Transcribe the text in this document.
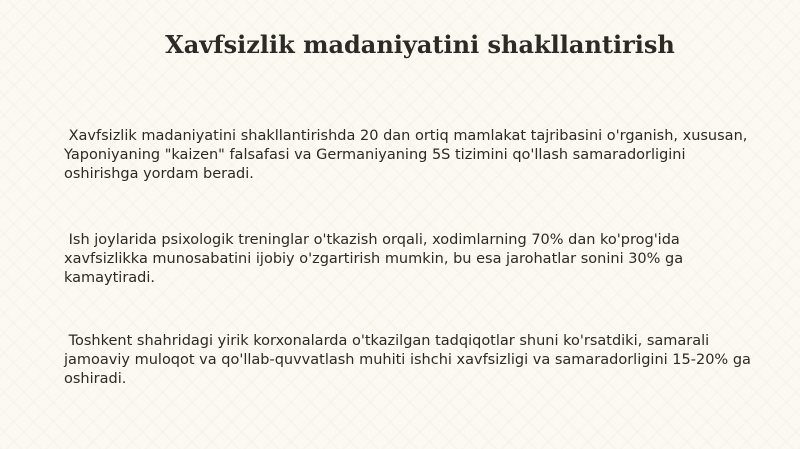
Xavfsizlik madaniyatini shakllantirish

Xavfsizlik madaniyatini shakllantirishda 20 dan ortiq mamlakat tajribasini o'rganish, xususan, Yaponiyaning "kaizen" falsafasi va Germaniyaning 5S tizimini qo'llash samaradorligini oshirishga yordam beradi.

Ish joylarida psixologik treninglar o'tkazish orqali, xodimlarning 70% dan ko'prog'ida xavfsizlikka munosabatini ijobiy o'zgartirish mumkin, bu esa jarohatlar sonini 30% ga kamaytiradi.

Toshkent shahridagi yirik korxonalarda o'tkazilgan tadqiqotlar shuni ko'rsatdiki, samarali jamoaviy muloqot va qo'llab-quvvatlash muhiti ishchi xavfsizligi va samaradorligini 15-20% ga oshiradi.
